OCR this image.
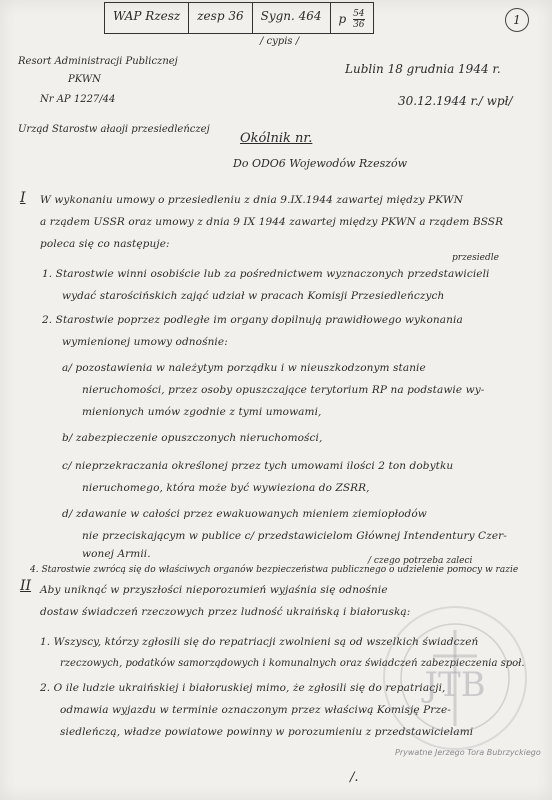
WAP Rzesz	zesp 36	Sygn. 464	p $\frac{54}{36}$	1
/ cypis /
Resort Administracji Publicznej
PKWN
Nr AP 1227/44
Lublin 18 grudnia 1944 r.
30.12.1944 r./ wpł/
Urząd Starostw ałaoji przesiedleńczej
Okólnik nr.
Do ODO6 Wojewodów Rzeszów
I W wykonaniu umowy o przesiedleniu z dnia 9.IX.1944 zawartej między PKWN
a rządem USSR oraz umowy z dnia 9 IX 1944 zawartej między PKWN a rządem BSSR
poleca się co następuje:
przesiedle
1. Starostwie winni osobiście lub za pośrednictwem wyznaczonych przedstawicieli
wydać starościńskich zająć udział w pracach Komisji Przesiedleńczych
2. Starostwie poprzez podległe im organy dopilnują prawidłowego wykonania
wymienionej umowy odnośnie:
a/ pozostawienia w należytym porządku i w nieuszkodzonym stanie
nieruchomości, przez osoby opuszczające terytorium RP na podstawie wy-
mienionych umów zgodnie z tymi umowami,
b/ zabezpieczenie opuszczonych nieruchomości,
c/ nieprzekraczania określonej przez tych umowami ilości 2 ton dobytku
nieruchomego, która może być wywieziona do ZSRR,
d/ zdawanie w całości przez ewakuowanych mieniem ziemiopłodów
nie przeciskającym w publice c/ przedstawicielom Głównej Intendentury Czer-
wonej Armii.
/ czego potrzeba zaleci
4. Starostwie zwrócą się do właściwych organów bezpieczeństwa publicznego o udzielenie pomocy w razie
II Aby uniknąć w przyszłości nieporozumień wyjaśnia się odnośnie
dostaw świadczeń rzeczowych przez ludność ukraińską i białoruską:
1. Wszyscy, którzy zgłosili się do repatriacji zwolnieni są od wszelkich świadczeń
rzeczowych, podatków samorządowych i komunalnych oraz świadczeń zabezpieczenia społ.
2. O ile ludzie ukraińskiej i białoruskiej mimo, że zgłosili się do repatriacji,
odmawia wyjazdu w terminie oznaczonym przez właściwą Komisję Prze-
siedleńczą, władze powiatowe powinny w porozumieniu z przedstawicielami
/.
JTB
Prywatne Jerzego Tora Bubrzyckiego
